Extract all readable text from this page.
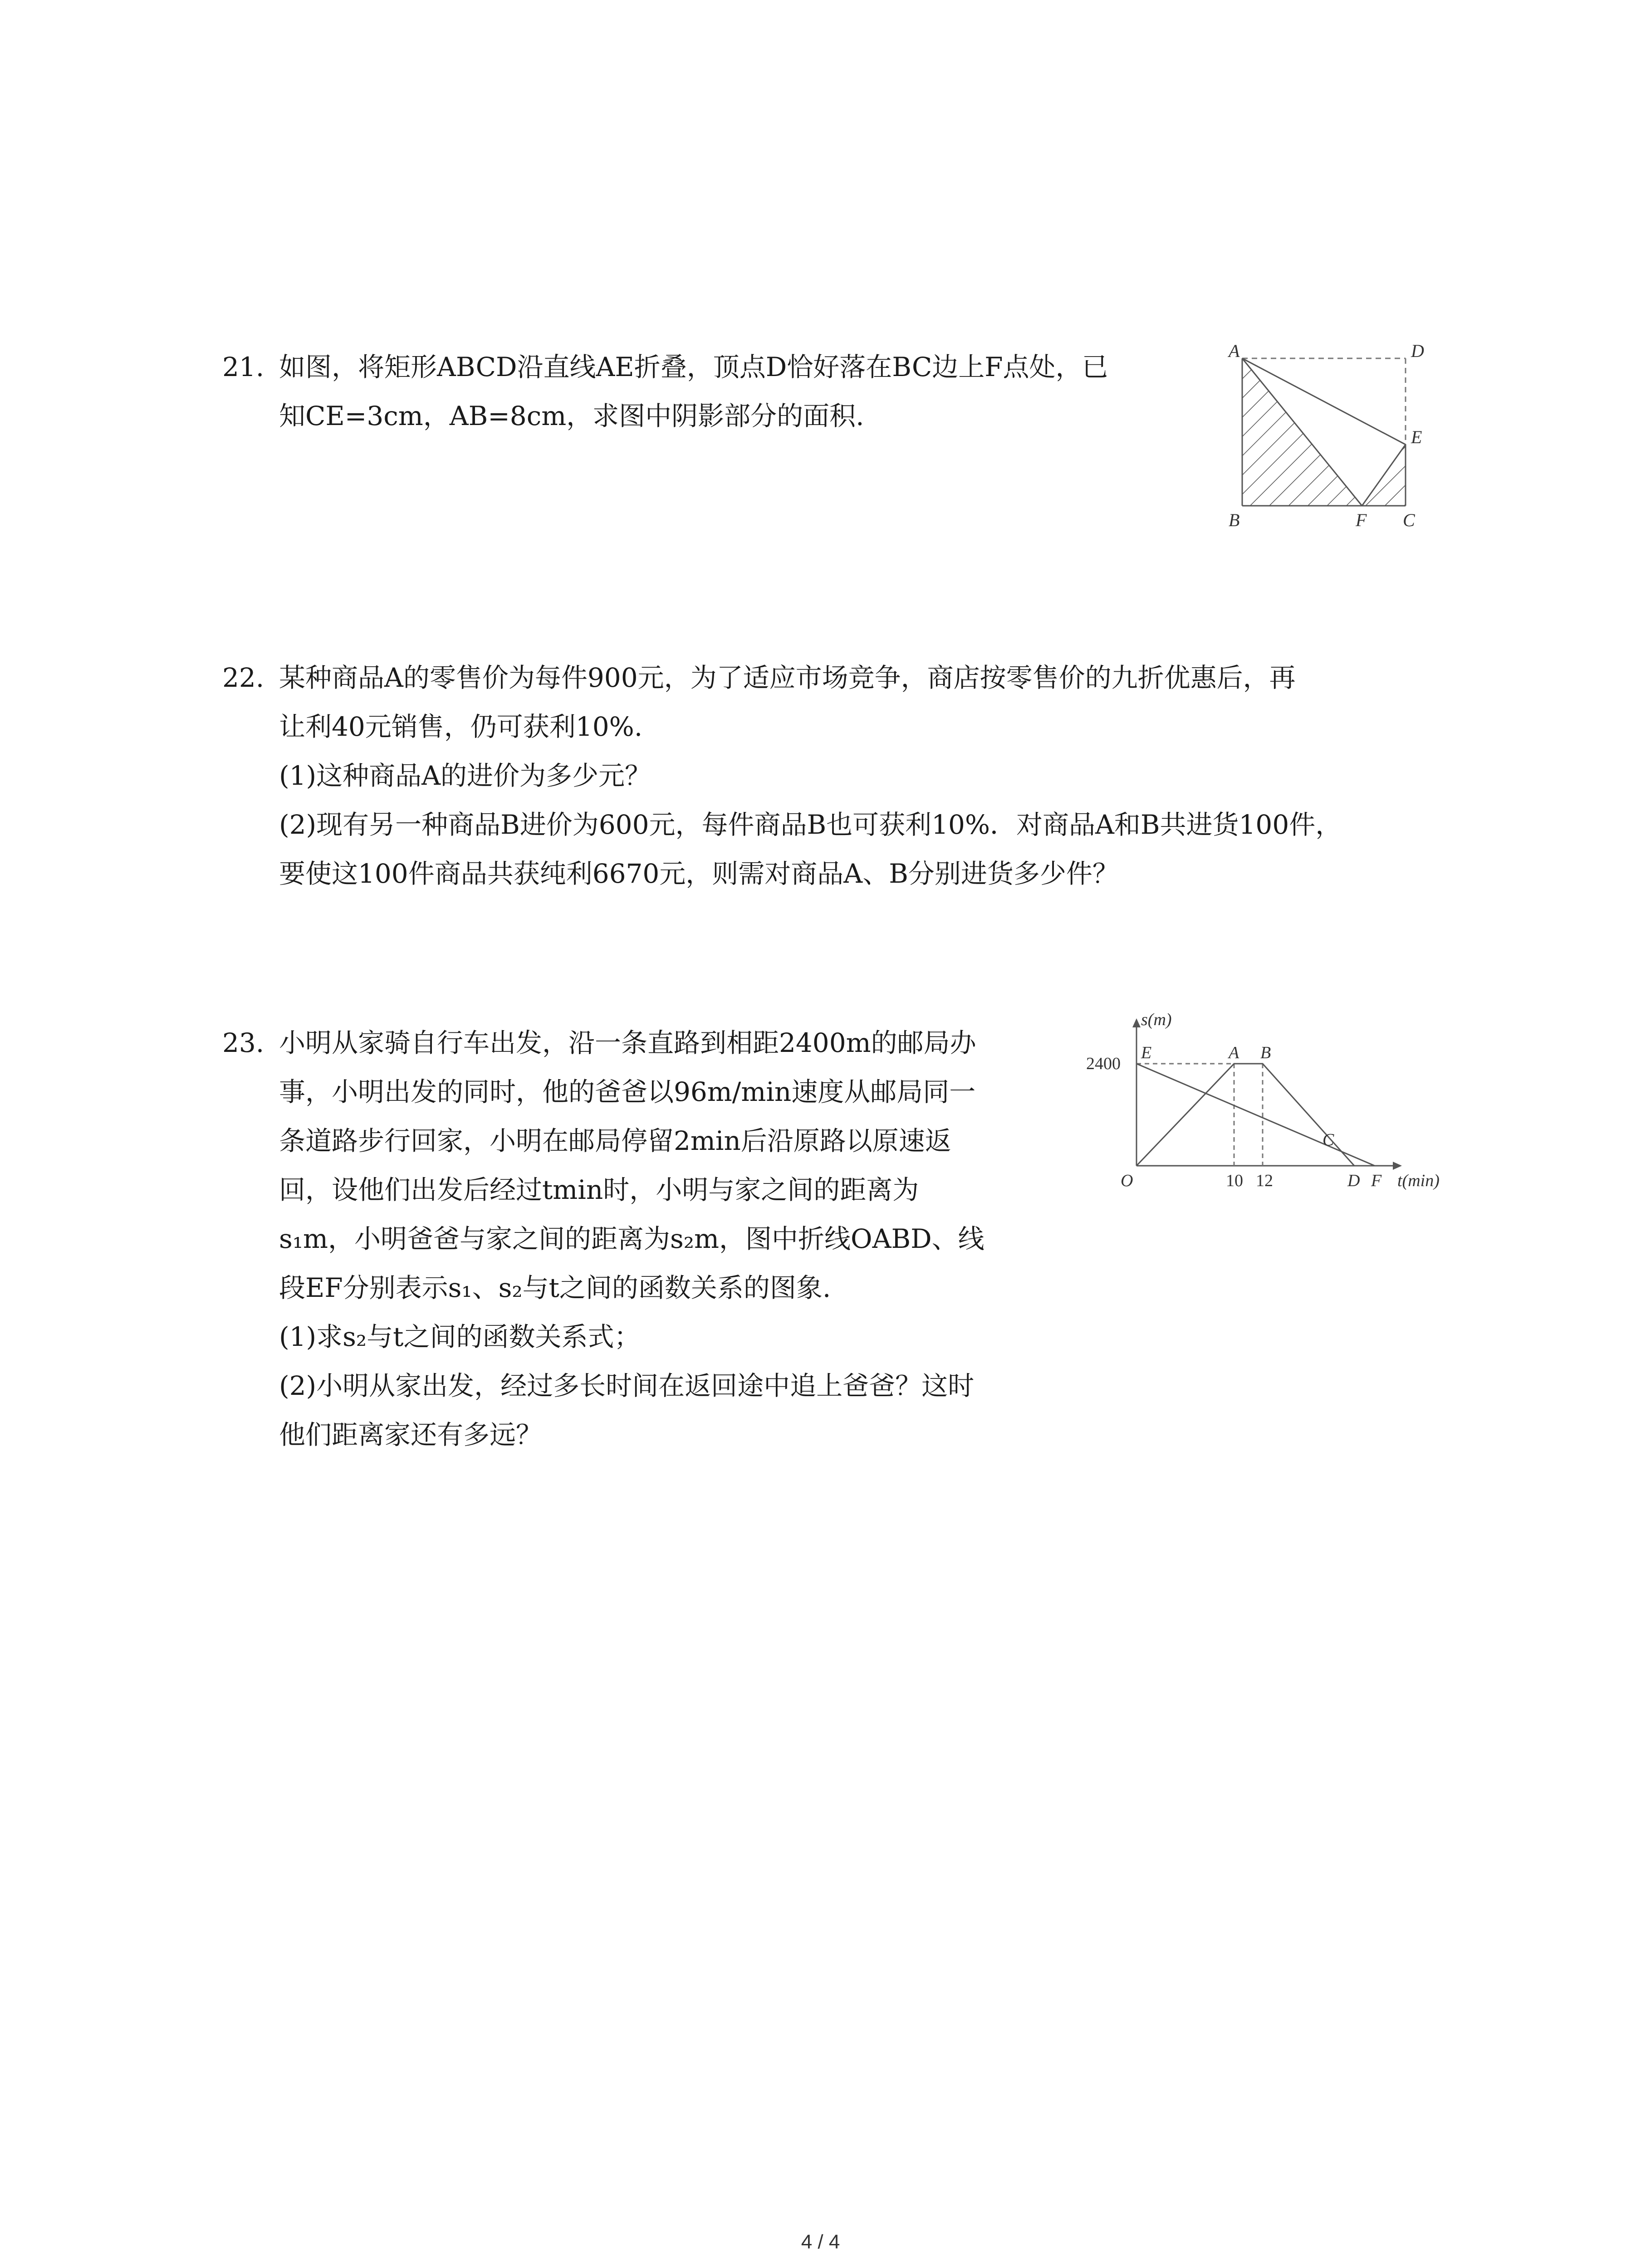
21. 如图，将矩形ABCD沿直线AE折叠，顶点D恰好落在BC边上F点处，已
知CE=3cm，AB=8cm，求图中阴影部分的面积.
A	D
E
B	F C
22. 某种商品A的零售价为每件900元，为了适应市场竞争，商店按零售价的九折优惠后，再
让利40元销售，仍可获利10%.
(1)这种商品A的进价为多少元？
(2)现有另一种商品B进价为600元，每件商品B也可获利10%．对商品A和B共进货100件，
要使这100件商品共获纯利6670元，则需对商品A、B分别进货多少件？
23. 小明从家骑自行车出发，沿一条直路到相距2400m的邮局办
事，小明出发的同时，他的爸爸以96m/min速度从邮局同一
条道路步行回家，小明在邮局停留2min后沿原路以原速返
回，设他们出发后经过tmin时，小明与家之间的距离为
s₁m，小明爸爸与家之间的距离为s₂m，图中折线OABD、线
段EF分别表示s₁、s₂与t之间的函数关系的图象.
(1)求s₂与t之间的函数关系式；
(2)小明从家出发，经过多长时间在返回途中追上爸爸？这时
他们距离家还有多远？
s(m)
2400
E	A B
C
O	10 12	D F t(min)
4 / 4
